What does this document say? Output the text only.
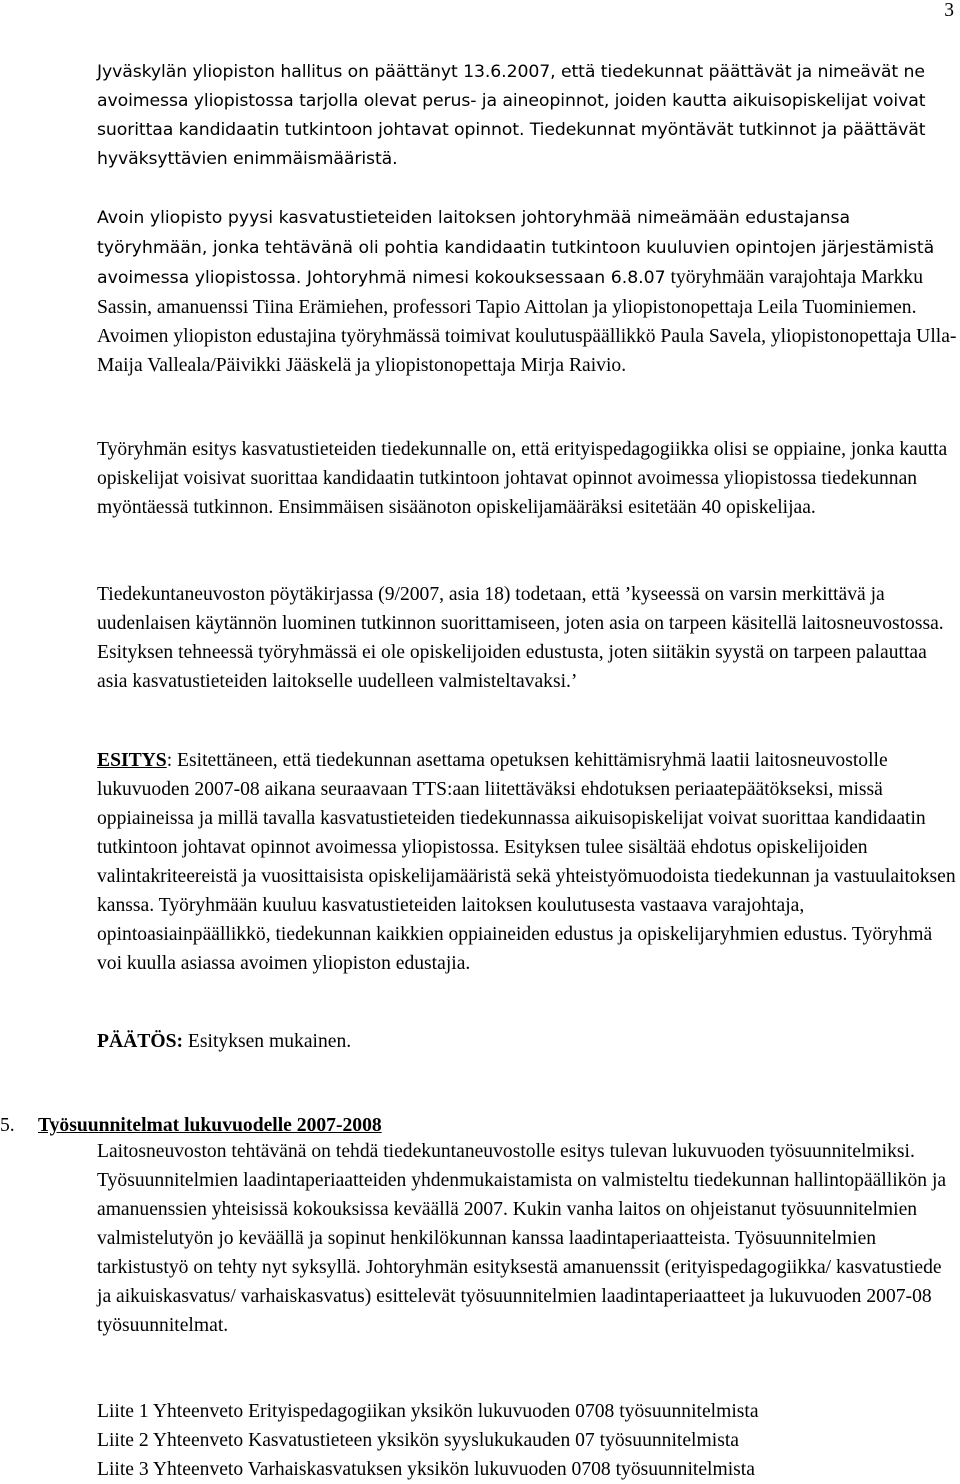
3

Jyväskylän yliopiston hallitus on päättänyt 13.6.2007, että tiedekunnat päättävät ja nimeävät ne avoimessa yliopistossa tarjolla olevat perus- ja aineopinnot, joiden kautta aikuisopiskelijat voivat suorittaa kandidaatin tutkintoon johtavat opinnot. Tiedekunnat myöntävät tutkinnot ja päättävät hyväksyttävien enimmäismääristä.

Avoin yliopisto pyysi kasvatustieteiden laitoksen johtoryhmää nimeämään edustajansa työryhmään, jonka tehtävänä oli pohtia kandidaatin tutkintoon kuuluvien opintojen järjestämistä avoimessa yliopistossa. Johtoryhmä nimesi kokouksessaan 6.8.07 työryhmään varajohtaja Markku Sassin, amanuenssi Tiina Erämiehen, professori Tapio Aittolan ja yliopistonopettaja Leila Tuominiemen. Avoimen yliopiston edustajina työryhmässä toimivat koulutuspäällikkö Paula Savela, yliopistonopettaja Ulla-Maija Valleala/Päivikki Jääskelä ja yliopistonopettaja Mirja Raivio.

Työryhmän esitys kasvatustieteiden tiedekunnalle on, että erityispedagogiikka olisi se oppiaine, jonka kautta opiskelijat voisivat suorittaa kandidaatin tutkintoon johtavat opinnot avoimessa yliopistossa tiedekunnan myöntäessä tutkinnon. Ensimmäisen sisäänoton opiskelijamääräksi esitetään 40 opiskelijaa.

Tiedekuntaneuvoston pöytäkirjassa (9/2007, asia 18) todetaan, että ’kyseessä on varsin merkittävä ja uudenlaisen käytännön luominen tutkinnon suorittamiseen, joten asia on tarpeen käsitellä laitosneuvostossa. Esityksen tehneessä työryhmässä ei ole opiskelijoiden edustusta, joten siitäkin syystä on tarpeen palauttaa asia kasvatustieteiden laitokselle uudelleen valmisteltavaksi.’

ESITYS: Esitettäneen, että tiedekunnan asettama opetuksen kehittämisryhmä laatii laitosneuvostolle lukuvuoden 2007-08 aikana seuraavaan TTS:aan liitettäväksi ehdotuksen periaatepäätökseksi, missä oppiaineissa ja millä tavalla kasvatustieteiden tiedekunnassa aikuisopiskelijat voivat suorittaa kandidaatin tutkintoon johtavat opinnot avoimessa yliopistossa. Esityksen tulee sisältää ehdotus opiskelijoiden valintakriteereistä ja vuosittaisista opiskelijamääristä sekä yhteistyömuodoista tiedekunnan ja vastuulaitoksen kanssa. Työryhmään kuuluu kasvatustieteiden laitoksen koulutusesta vastaava varajohtaja, opintoasiainpäällikkö, tiedekunnan kaikkien oppiaineiden edustus ja opiskelijaryhmien edustus. Työryhmä voi kuulla asiassa avoimen yliopiston edustajia.

PÄÄTÖS: Esityksen mukainen.

5. Työsuunnitelmat lukuvuodelle 2007-2008

Laitosneuvoston tehtävänä on tehdä tiedekuntaneuvostolle esitys tulevan lukuvuoden työsuunnitelmiksi. Työsuunnitelmien laadintaperiaatteiden yhdenmukaistamista on valmisteltu tiedekunnan hallintopäällikön ja amanuenssien yhteisissä kokouksissa keväällä 2007. Kukin vanha laitos on ohjeistanut työsuunnitelmien valmistelutyön jo keväällä ja sopinut henkilökunnan kanssa laadintaperiaatteista. Työsuunnitelmien tarkistustyö on tehty nyt syksyllä. Johtoryhmän esityksestä amanuenssit (erityispedagogiikka/ kasvatustiede ja aikuiskasvatus/ varhaiskasvatus) esittelevät työsuunnitelmien laadintaperiaatteet ja lukuvuoden 2007-08 työsuunnitelmat.

Liite 1 Yhteenveto Erityispedagogiikan yksikön lukuvuoden 0708 työsuunnitelmista
Liite 2 Yhteenveto Kasvatustieteen yksikön syyslukukauden 07 työsuunnitelmista
Liite 3 Yhteenveto Varhaiskasvatuksen yksikön lukuvuoden 0708 työsuunnitelmista
